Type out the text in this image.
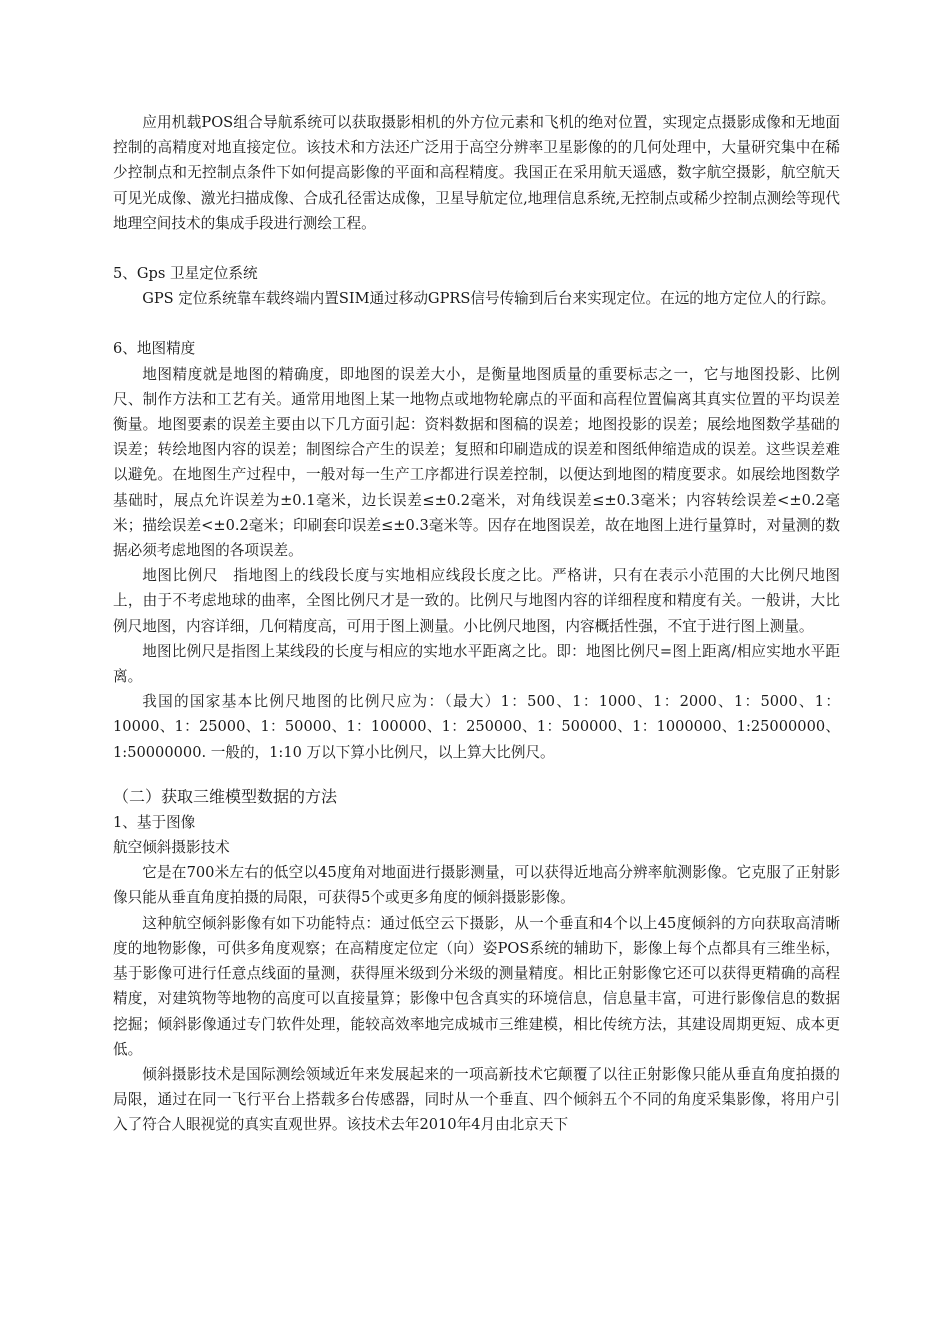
应用机载POS组合导航系统可以获取摄影相机的外方位元素和飞机的绝对位置，实现定点摄影成像和无地面控制的高精度对地直接定位。该技术和方法还广泛用于高空分辨率卫星影像的的几何处理中，大量研究集中在稀少控制点和无控制点条件下如何提高影像的平面和高程精度。我国正在采用航天遥感，数字航空摄影，航空航天可见光成像、激光扫描成像、合成孔径雷达成像，卫星导航定位,地理信息系统,无控制点或稀少控制点测绘等现代地理空间技术的集成手段进行测绘工程。

5、Gps 卫星定位系统

GPS 定位系统靠车载终端内置SIM通过移动GPRS信号传输到后台来实现定位。在远的地方定位人的行踪。

6、地图精度

地图精度就是地图的精确度，即地图的误差大小，是衡量地图质量的重要标志之一，它与地图投影、比例尺、制作方法和工艺有关。通常用地图上某一地物点或地物轮廓点的平面和高程位置偏离其真实位置的平均误差衡量。地图要素的误差主要由以下几方面引起：资料数据和图稿的误差；地图投影的误差；展绘地图数学基础的误差；转绘地图内容的误差；制图综合产生的误差；复照和印刷造成的误差和图纸伸缩造成的误差。这些误差难以避免。在地图生产过程中，一般对每一生产工序都进行误差控制，以便达到地图的精度要求。如展绘地图数学基础时，展点允许误差为±0.1毫米，边长误差≤±0.2毫米，对角线误差≤±0.3毫米；内容转绘误差<±0.2毫米；描绘误差<±0.2毫米；印刷套印误差≤±0.3毫米等。因存在地图误差，故在地图上进行量算时，对量测的数据必须考虑地图的各项误差。

地图比例尺　指地图上的线段长度与实地相应线段长度之比。严格讲，只有在表示小范围的大比例尺地图上，由于不考虑地球的曲率，全图比例尺才是一致的。比例尺与地图内容的详细程度和精度有关。一般讲，大比例尺地图，内容详细，几何精度高，可用于图上测量。小比例尺地图，内容概括性强，不宜于进行图上测量。

地图比例尺是指图上某线段的长度与相应的实地水平距离之比。即：地图比例尺=图上距离/相应实地水平距离。

我国的国家基本比例尺地图的比例尺应为：（最大）1：500、1：1000、1：2000、1：5000、1：10000、1：25000、1：50000、1：100000、1：250000、1：500000、1：1000000、1:25000000、1:50000000. 一般的，1:10 万以下算小比例尺，以上算大比例尺。

（二）获取三维模型数据的方法

1、基于图像

航空倾斜摄影技术

它是在700米左右的低空以45度角对地面进行摄影测量，可以获得近地高分辨率航测影像。它克服了正射影像只能从垂直角度拍摄的局限，可获得5个或更多角度的倾斜摄影影像。

这种航空倾斜影像有如下功能特点：通过低空云下摄影，从一个垂直和4个以上45度倾斜的方向获取高清晰度的地物影像，可供多角度观察；在高精度定位定（向）姿POS系统的辅助下，影像上每个点都具有三维坐标，基于影像可进行任意点线面的量测，获得厘米级到分米级的测量精度。相比正射影像它还可以获得更精确的高程精度，对建筑物等地物的高度可以直接量算；影像中包含真实的环境信息，信息量丰富，可进行影像信息的数据挖掘；倾斜影像通过专门软件处理，能较高效率地完成城市三维建模，相比传统方法，其建设周期更短、成本更低。

倾斜摄影技术是国际测绘领域近年来发展起来的一项高新技术它颠覆了以往正射影像只能从垂直角度拍摄的局限，通过在同一飞行平台上搭载多台传感器，同时从一个垂直、四个倾斜五个不同的角度采集影像，将用户引入了符合人眼视觉的真实直观世界。该技术去年2010年4月由北京天下
